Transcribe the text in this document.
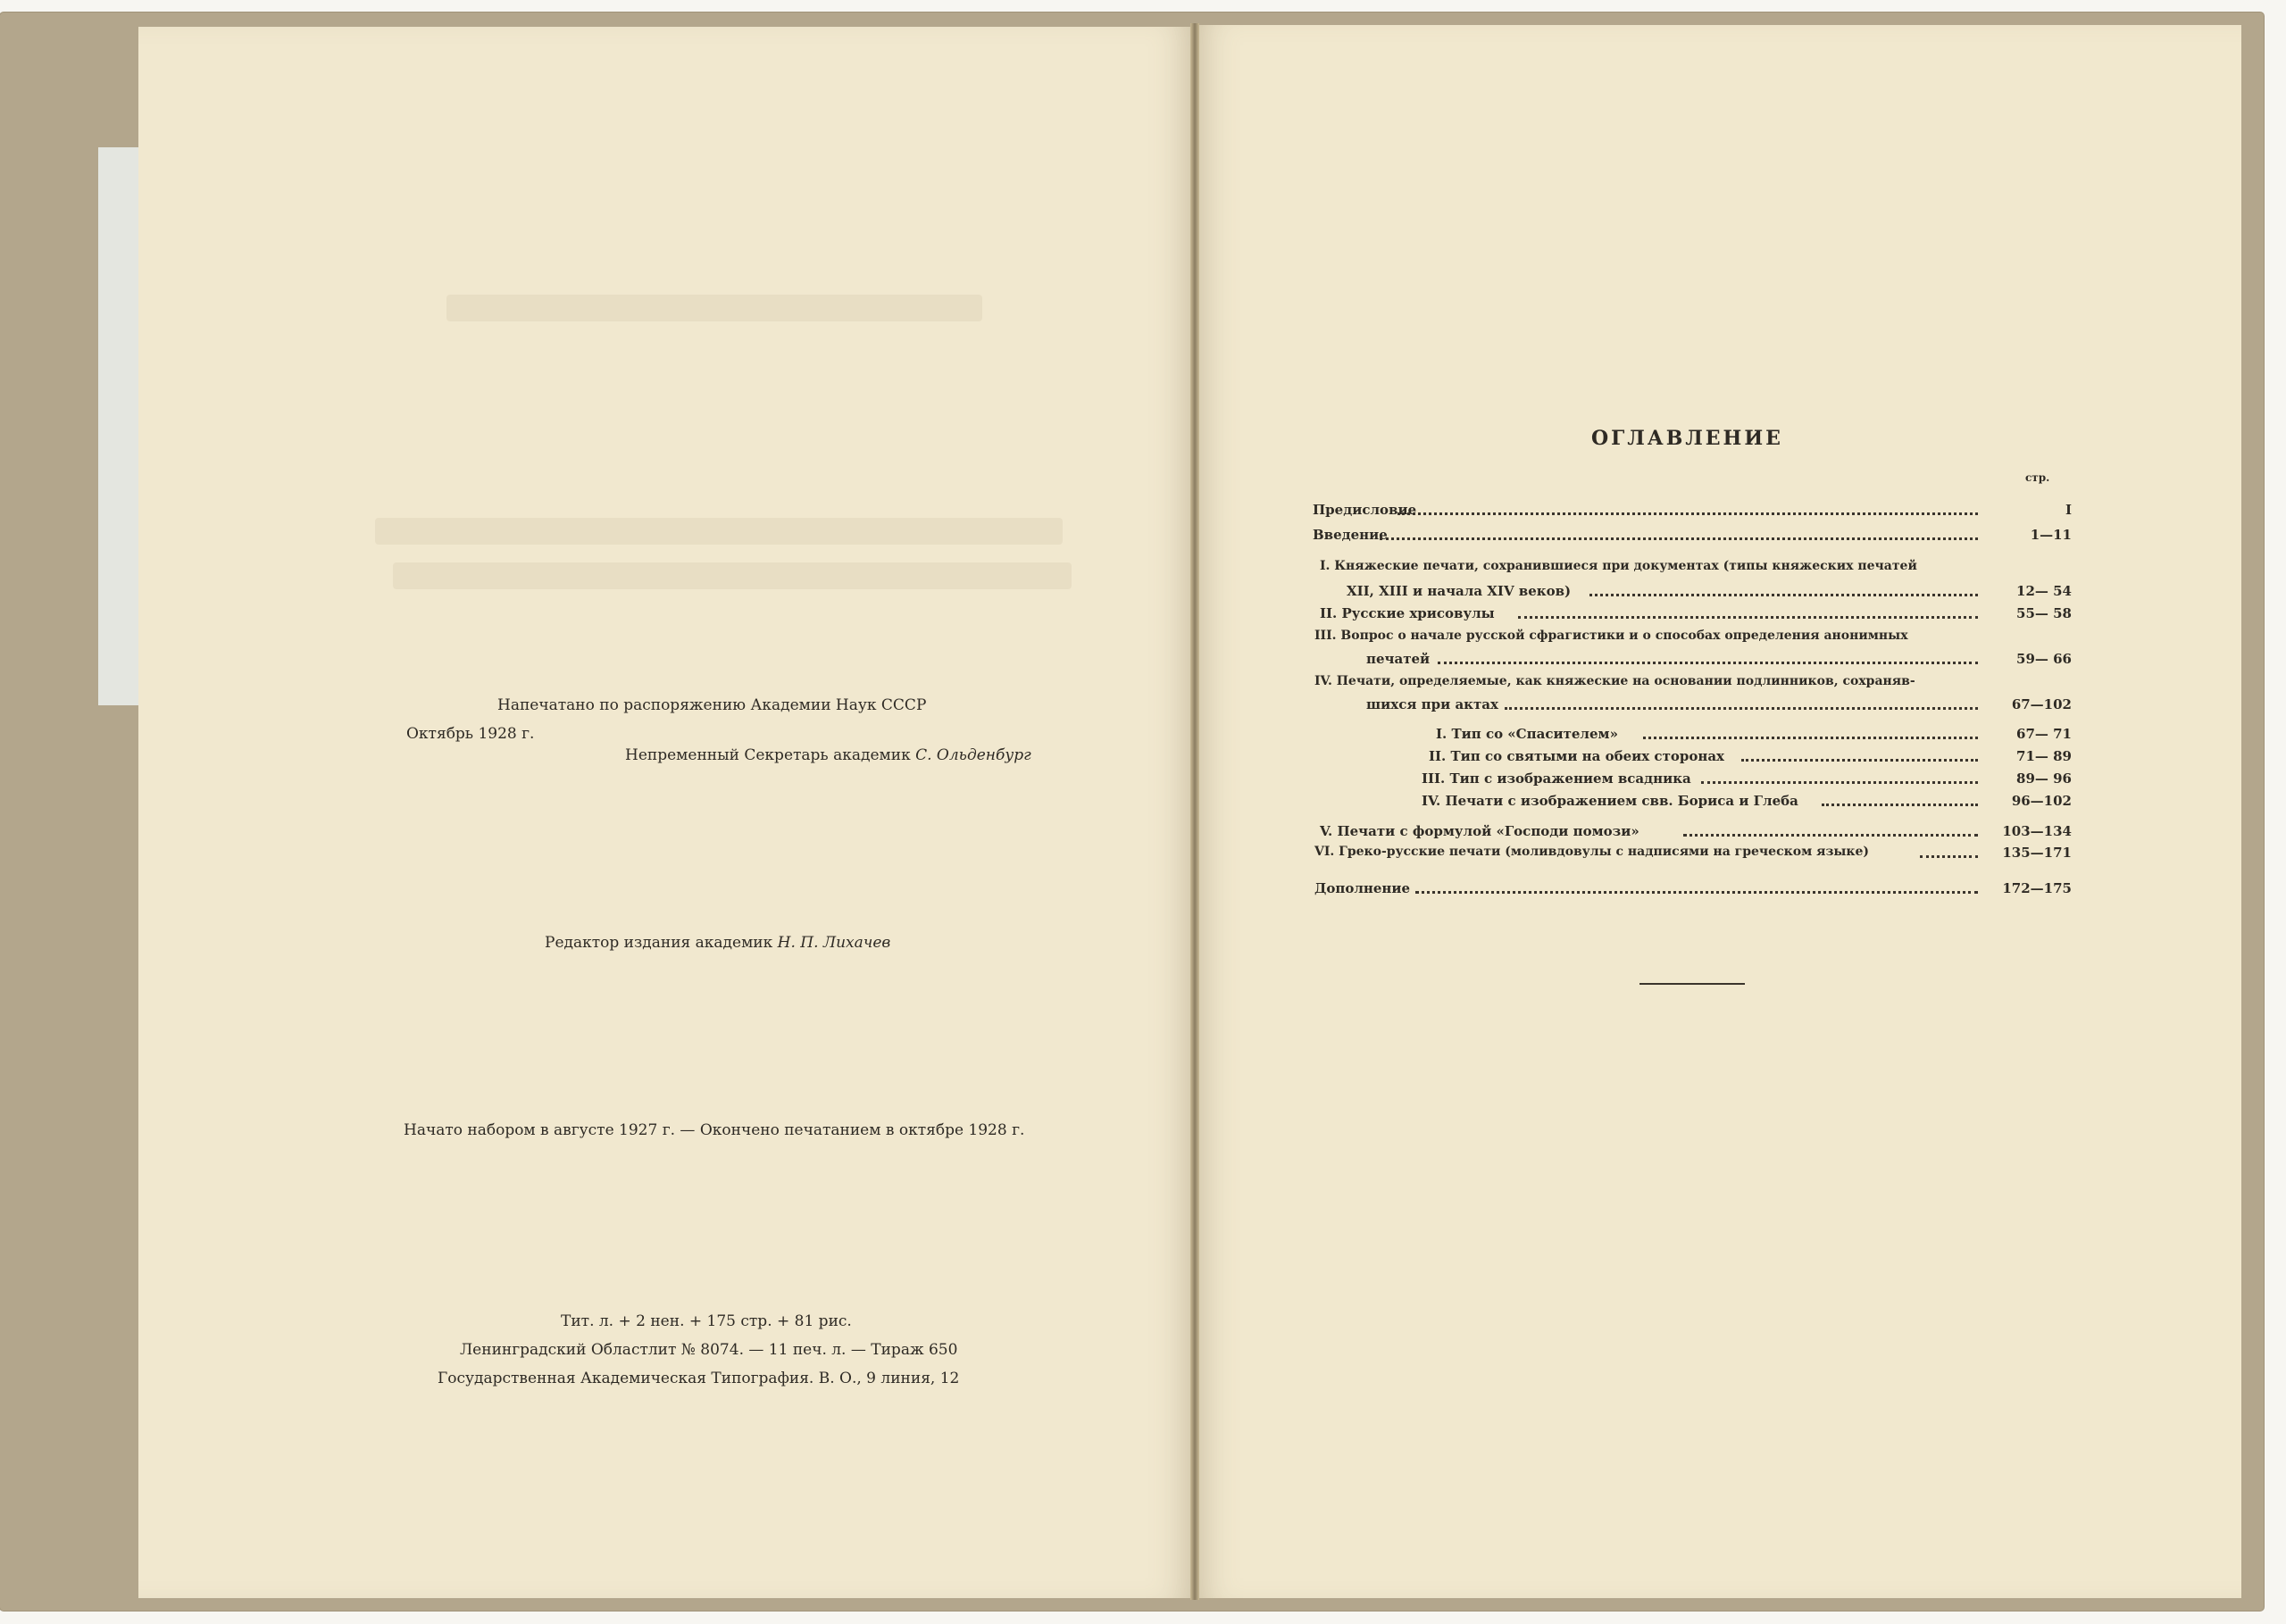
Напечатано по распоряжению Академии Наук СССР
Октябрь 1928 г.
Непременный Секретарь академик С. Ольденбург
Редактор издания академик Н. П. Лихачев
Начато набором в августе 1927 г. — Окончено печатанием в октябре 1928 г.
Тит. л. + 2 нен. + 175 стр. + 81 рис.
Ленинградский Областлит № 8074. — 11 печ. л. — Тираж 650
Государственная Академическая Типография. В. О., 9 линия, 12
ОГЛАВЛЕНИЕ
стр.
Предисловие	I
Введение	1—11
I. Княжеские печати, сохранившиеся при документах (типы княжеских печатей
XII, XIII и начала XIV веков)	12— 54
II. Русские хрисовулы	55— 58
III. Вопрос о начале русской сфрагистики и о способах определения анонимных
печатей	59— 66
IV. Печати, определяемые, как княжеские на основании подлинников, сохраняв-
шихся при актах	67—102
I. Тип со «Спасителем»	67— 71
II. Тип со святыми на обеих сторонах	71— 89
III. Тип с изображением всадника	89— 96
IV. Печати с изображением свв. Бориса и Глеба	96—102
V. Печати с формулой «Господи помози»	103—134
VI. Греко-русские печати (моливдовулы с надписями на греческом языке)	135—171
Дополнение	172—175
